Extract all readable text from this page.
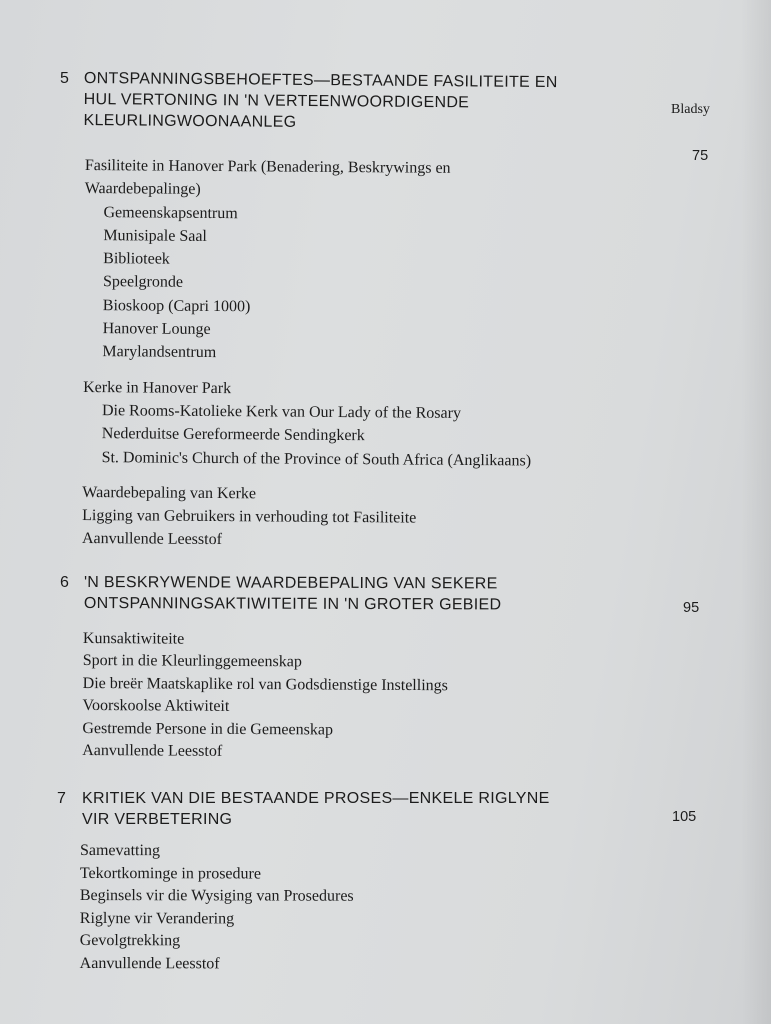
5 ONTSPANNINGSBEHOEFTES—BESTAANDE FASILITEITE EN
HUL VERTONING IN 'N VERTEENWOORDIGENDE
KLEURLINGWOONAANLEG
Bladsy
75
Fasiliteite in Hanover Park (Benadering, Beskrywings en
Waardebepalinge)
Gemeenskapsentrum
Munisipale Saal
Biblioteek
Speelgronde
Bioskoop (Capri 1000)
Hanover Lounge
Marylandsentrum
Kerke in Hanover Park
Die Rooms-Katolieke Kerk van Our Lady of the Rosary
Nederduitse Gereformeerde Sendingkerk
St. Dominic's Church of the Province of South Africa (Anglikaans)
Waardebepaling van Kerke
Ligging van Gebruikers in verhouding tot Fasiliteite
Aanvullende Leesstof
6 'N BESKRYWENDE WAARDEBEPALING VAN SEKERE
ONTSPANNINGSAKTIWITEITE IN 'N GROTER GEBIED	95
Kunsaktiwiteite
Sport in die Kleurlinggemeenskap
Die breër Maatskaplike rol van Godsdienstige Instellings
Voorskoolse Aktiwiteit
Gestremde Persone in die Gemeenskap
Aanvullende Leesstof
7 KRITIEK VAN DIE BESTAANDE PROSES—ENKELE RIGLYNE
VIR VERBETERING	105
Samevatting
Tekortkominge in prosedure
Beginsels vir die Wysiging van Prosedures
Riglyne vir Verandering
Gevolgtrekking
Aanvullende Leesstof
